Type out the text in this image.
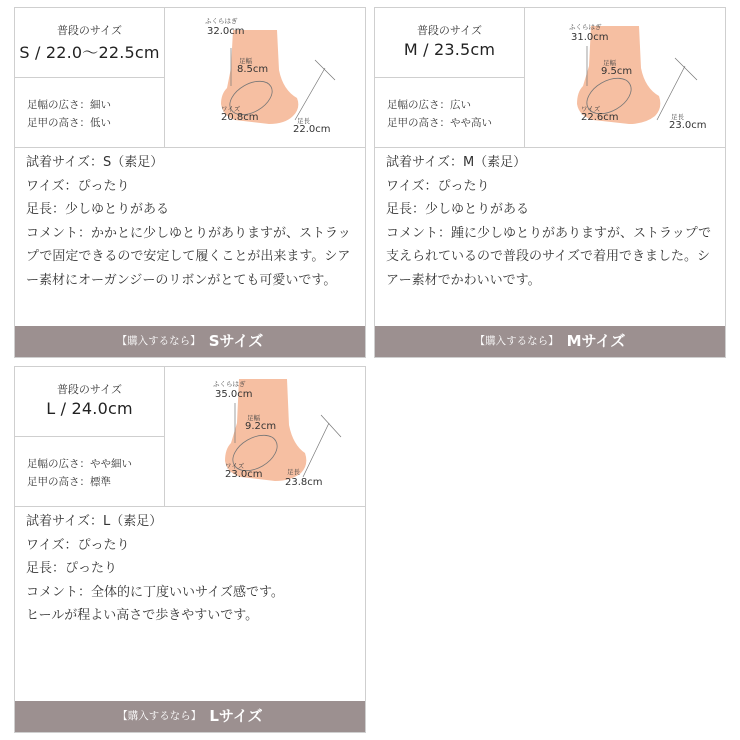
普段のサイズ
S / 22.0〜22.5cm
足幅の広さ：細い
足甲の高さ：低い
ふくらはぎ
32.0cm
足幅
8.5cm
ワイズ
20.8cm	足長
22.0cm

試着サイズ：S（素足）

ワイズ：ぴったり

足長：少しゆとりがある

コメント：かかとに少しゆとりがありますが、ストラップで固定できるので安定して履くことが出来ます。シアー素材にオーガンジーのリボンがとても可愛いです。

【購入するなら】 Sサイズ
普段のサイズ
M / 23.5cm
足幅の広さ：広い
足甲の高さ：やや高い
ふくらはぎ
31.0cm
足幅
9.5cm
ワイズ
22.6cm	足長
23.0cm

試着サイズ：M（素足）

ワイズ：ぴったり

足長：少しゆとりがある

コメント：踵に少しゆとりがありますが、ストラップで支えられているので普段のサイズで着用できました。シアー素材でかわいいです。

【購入するなら】 Mサイズ
普段のサイズ
L / 24.0cm
足幅の広さ：やや細い
足甲の高さ：標準
ふくらはぎ
35.0cm
足幅
9.2cm
ワイズ
23.0cm	足長
23.8cm

試着サイズ：L（素足）

ワイズ：ぴったり

足長：ぴったり

コメント：全体的に丁度いいサイズ感です。

ヒールが程よい高さで歩きやすいです。

【購入するなら】 Lサイズ
